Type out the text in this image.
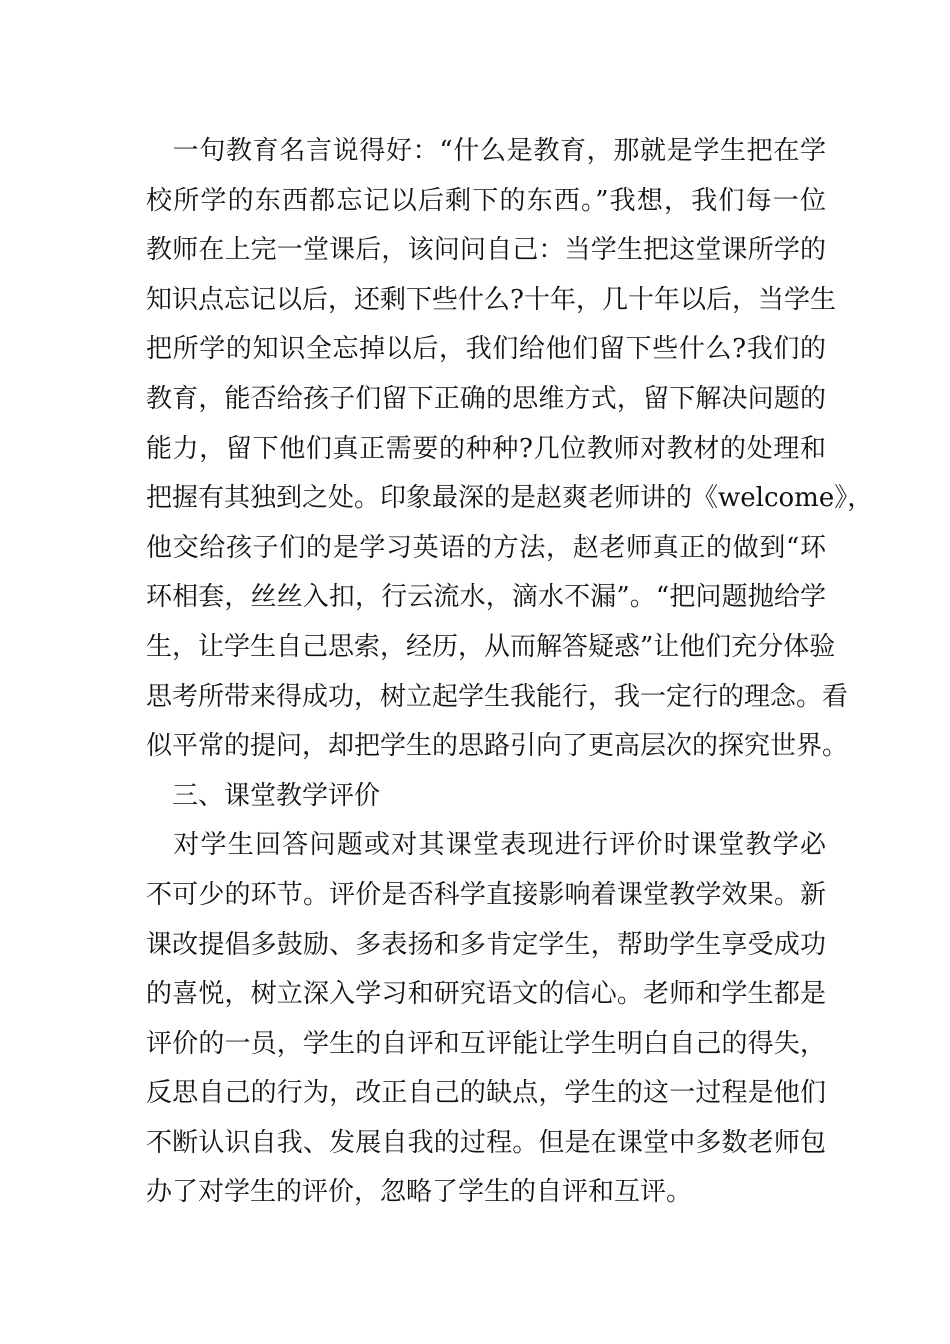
　一句教育名言说得好：“什么是教育，那就是学生把在学
校所学的东西都忘记以后剩下的东西。”我想，我们每一位
教师在上完一堂课后，该问问自己：当学生把这堂课所学的
知识点忘记以后，还剩下些什么?十年，几十年以后，当学生
把所学的知识全忘掉以后，我们给他们留下些什么?我们的
教育，能否给孩子们留下正确的思维方式，留下解决问题的
能力，留下他们真正需要的种种?几位教师对教材的处理和
把握有其独到之处。印象最深的是赵爽老师讲的《welcome》，
他交给孩子们的是学习英语的方法，赵老师真正的做到“环
环相套，丝丝入扣，行云流水，滴水不漏”。“把问题抛给学
生，让学生自己思索，经历，从而解答疑惑”让他们充分体验
思考所带来得成功，树立起学生我能行，我一定行的理念。看
似平常的提问，却把学生的思路引向了更高层次的探究世界。
　三、课堂教学评价
　对学生回答问题或对其课堂表现进行评价时课堂教学必
不可少的环节。评价是否科学直接影响着课堂教学效果。新
课改提倡多鼓励、多表扬和多肯定学生，帮助学生享受成功
的喜悦，树立深入学习和研究语文的信心。老师和学生都是
评价的一员，学生的自评和互评能让学生明白自己的得失，
反思自己的行为，改正自己的缺点，学生的这一过程是他们
不断认识自我、发展自我的过程。但是在课堂中多数老师包
办了对学生的评价，忽略了学生的自评和互评。
